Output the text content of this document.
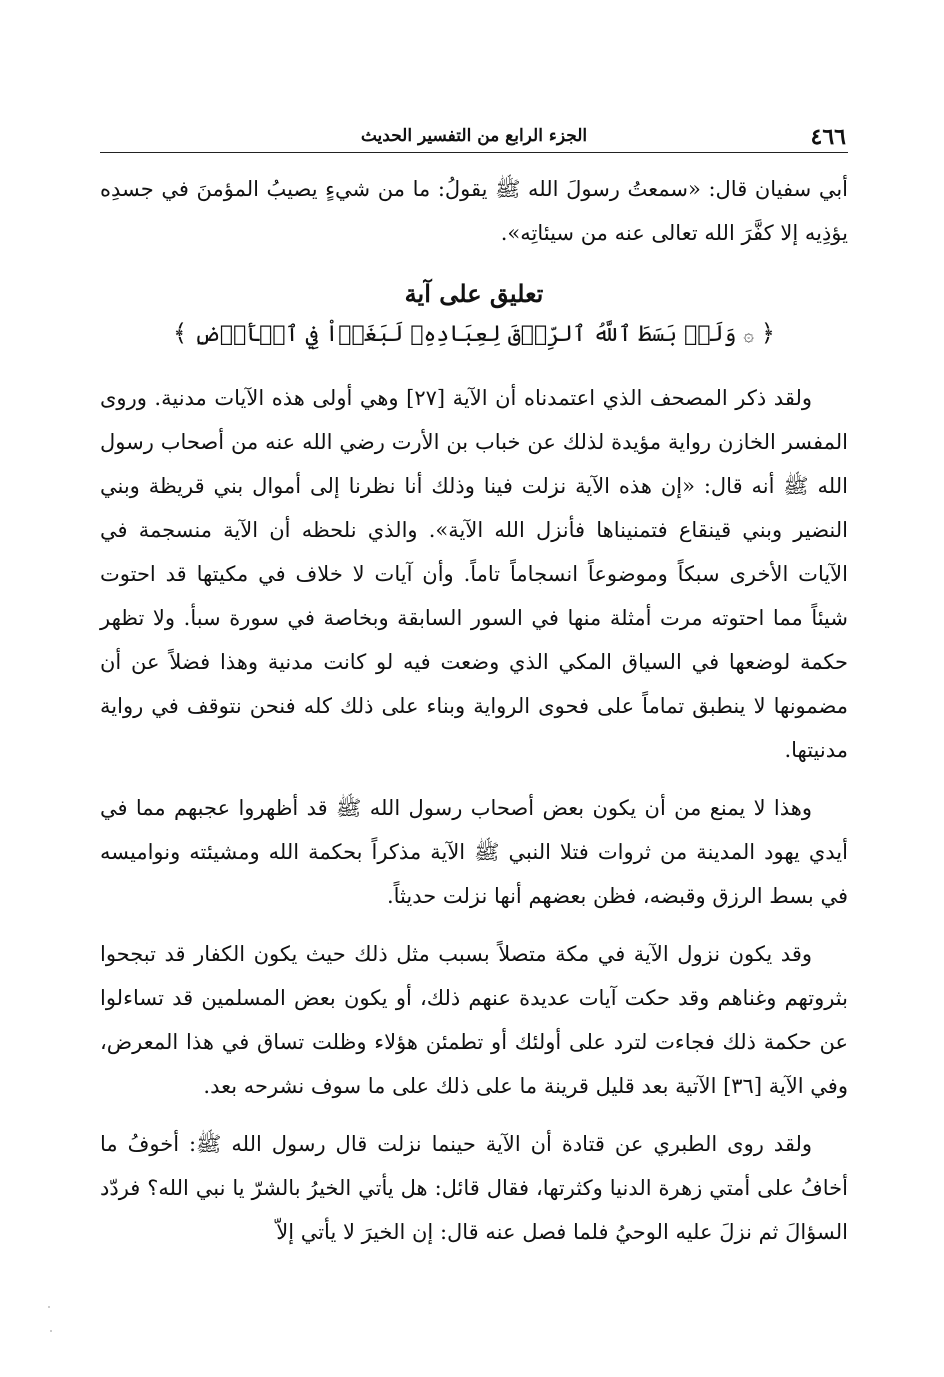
٤٦٦
الجزء الرابع من التفسير الحديث

أبي سفيان قال: «سمعتُ رسولَ الله ﷺ يقولُ: ما من شيءٍ يصيبُ المؤمنَ في جسدِه يؤذِيه إلا كفَّرَ الله تعالى عنه من سيئاتِه».

تعليق على آية
﴿ ۞ وَلَوۡ بَسَطَ ٱللَّهُ ٱلرِّزۡقَ لِعِبَادِهِۦ لَبَغَوۡاْ فِي ٱلۡأَرۡضِ ﴾

ولقد ذكر المصحف الذي اعتمدناه أن الآية [٢٧] وهي أولى هذه الآيات مدنية. وروى المفسر الخازن رواية مؤيدة لذلك عن خباب بن الأرت رضي الله عنه من أصحاب رسول الله ﷺ أنه قال: «إن هذه الآية نزلت فينا وذلك أنا نظرنا إلى أموال بني قريظة وبني النضير وبني قينقاع فتمنيناها فأنزل الله الآية». والذي نلحظه أن الآية منسجمة في الآيات الأخرى سبكاً وموضوعاً انسجاماً تاماً. وأن آيات لا خلاف في مكيتها قد احتوت شيئاً مما احتوته مرت أمثلة منها في السور السابقة وبخاصة في سورة سبأ. ولا تظهر حكمة لوضعها في السياق المكي الذي وضعت فيه لو كانت مدنية وهذا فضلاً عن أن مضمونها لا ينطبق تماماً على فحوى الرواية وبناء على ذلك كله فنحن نتوقف في رواية مدنيتها.

وهذا لا يمنع من أن يكون بعض أصحاب رسول الله ﷺ قد أظهروا عجبهم مما في أيدي يهود المدينة من ثروات فتلا النبي ﷺ الآية مذكراً بحكمة الله ومشيئته ونواميسه في بسط الرزق وقبضه، فظن بعضهم أنها نزلت حديثاً.

وقد يكون نزول الآية في مكة متصلاً بسبب مثل ذلك حيث يكون الكفار قد تبجحوا بثروتهم وغناهم وقد حكت آيات عديدة عنهم ذلك، أو يكون بعض المسلمين قد تساءلوا عن حكمة ذلك فجاءت لترد على أولئك أو تطمئن هؤلاء وظلت تساق في هذا المعرض، وفي الآية [٣٦] الآتية بعد قليل قرينة ما على ذلك على ما سوف نشرحه بعد.

ولقد روى الطبري عن قتادة أن الآية حينما نزلت قال رسول الله ﷺ: أخوفُ ما أخافُ على أمتي زهرة الدنيا وكثرتها، فقال قائل: هل يأتي الخيرُ بالشرّ يا نبي الله؟ فردّد السؤالَ ثم نزلَ عليه الوحيُ فلما فصل عنه قال: إن الخيرَ لا يأتي إلاّ
